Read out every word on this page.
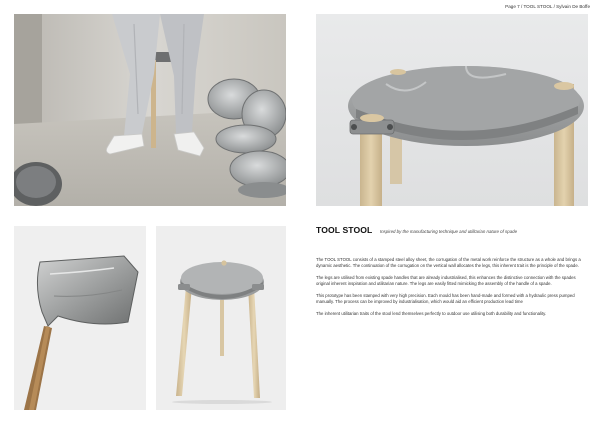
Page 7 / TOOL STOOL / Sylvain De Boffe
TOOL STOOL Inspired by the manufacturing technique and utilitarian nature of spade

The TOOL STOOL consists of a stamped steel alloy sheet, the corrugation of the metal work reinforce the structure as a whole and brings a dynamic aesthetic. The continuation of the corrugation on the vertical wall allocates the legs, this inherent trait is the principle of the spade.

The legs are utilised from existing spade handles that are already industrialised, this enhances the distinctive connection with the spades original inherent inspiration and utilitarian nature. The legs are easily fitted mimicking the assembly of the handle of a spade.

This prototype has been stamped with very high precision. Each mould has been hand-made and formed with a hydraulic press pumped manually. The process can be improved by industrialisation, which would aid an efficient production lead time

The inherent utilitarian traits of the stool lend themselves perfectly to outdoor use utilising both durability and functionality.
